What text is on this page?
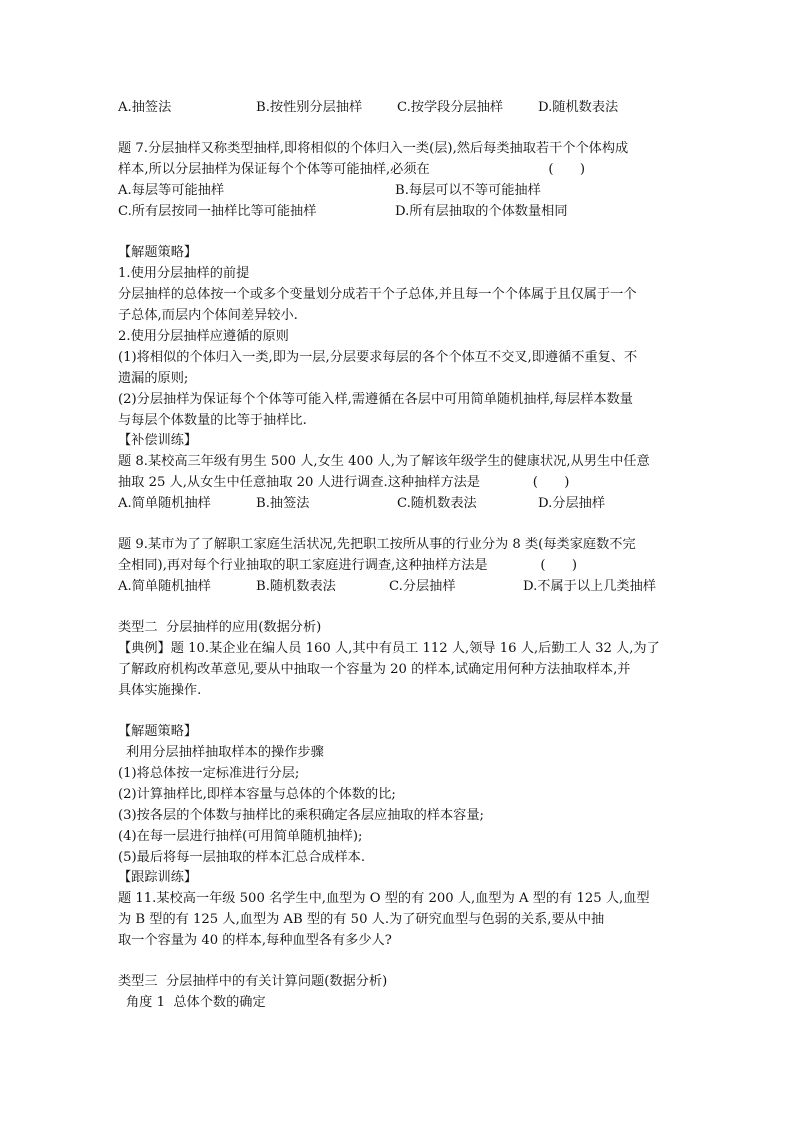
A.抽签法	B.按性别分层抽样	C.按学段分层抽样	D.随机数表法
题 7.分层抽样又称类型抽样,即将相似的个体归入一类(层),然后每类抽取若干个个体构成
样本,所以分层抽样为保证每个个体等可能抽样,必须在　　　　　　　　　(　　)
A.每层等可能抽样	B.每层可以不等可能抽样
C.所有层按同一抽样比等可能抽样	D.所有层抽取的个体数量相同
【解题策略】
1.使用分层抽样的前提
分层抽样的总体按一个或多个变量划分成若干个子总体,并且每一个个体属于且仅属于一个
子总体,而层内个体间差异较小.
2.使用分层抽样应遵循的原则
(1)将相似的个体归入一类,即为一层,分层要求每层的各个个体互不交叉,即遵循不重复、不
遗漏的原则;
(2)分层抽样为保证每个个体等可能入样,需遵循在各层中可用简单随机抽样,每层样本数量
与每层个体数量的比等于抽样比.
【补偿训练】
题 8.某校高三年级有男生 500 人,女生 400 人,为了解该年级学生的健康状况,从男生中任意
抽取 25 人,从女生中任意抽取 20 人进行调查.这种抽样方法是　　　　(　　)
A.简单随机抽样	B.抽签法	C.随机数表法	D.分层抽样
题 9.某市为了了解职工家庭生活状况,先把职工按所从事的行业分为 8 类(每类家庭数不完
全相同),再对每个行业抽取的职工家庭进行调查,这种抽样方法是　　　　(　　)
A.简单随机抽样	B.随机数表法	C.分层抽样	D.不属于以上几类抽样
类型二  分层抽样的应用(数据分析)
【典例】题 10.某企业在编人员 160 人,其中有员工 112 人,领导 16 人,后勤工人 32 人,为了
了解政府机构改革意见,要从中抽取一个容量为 20 的样本,试确定用何种方法抽取样本,并
具体实施操作.
【解题策略】
利用分层抽样抽取样本的操作步骤
(1)将总体按一定标准进行分层;
(2)计算抽样比,即样本容量与总体的个体数的比;
(3)按各层的个体数与抽样比的乘积确定各层应抽取的样本容量;
(4)在每一层进行抽样(可用简单随机抽样);
(5)最后将每一层抽取的样本汇总合成样本.
【跟踪训练】
题 11.某校高一年级 500 名学生中,血型为 O 型的有 200 人,血型为 A 型的有 125 人,血型
为 B 型的有 125 人,血型为 AB 型的有 50 人.为了研究血型与色弱的关系,要从中抽
取一个容量为 40 的样本,每种血型各有多少人?
类型三  分层抽样中的有关计算问题(数据分析)
角度 1  总体个数的确定
